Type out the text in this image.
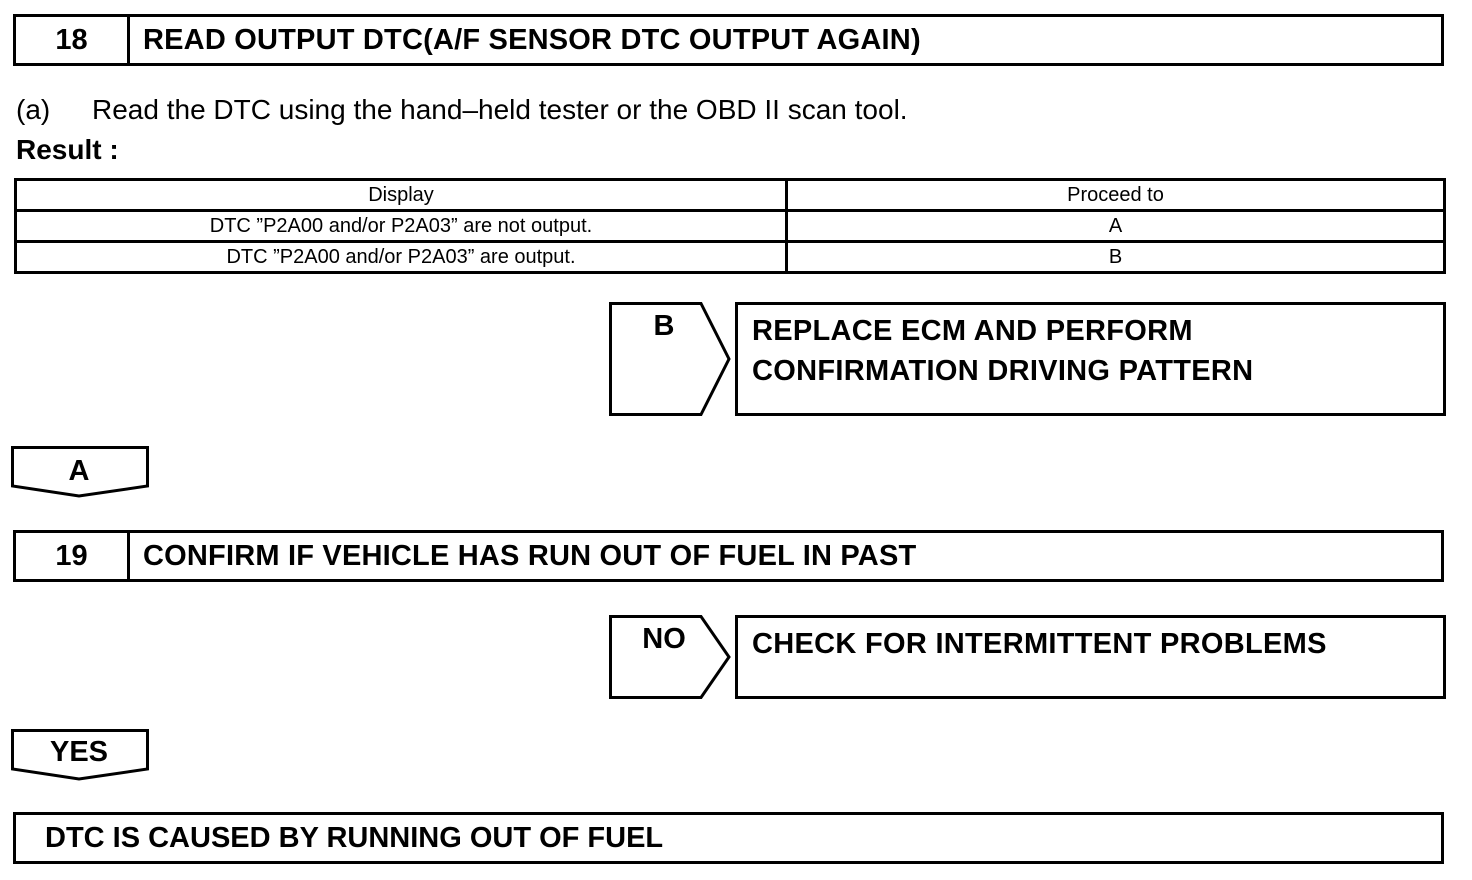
18	READ OUTPUT DTC(A/F SENSOR DTC OUTPUT AGAIN)
(a) Read the DTC using the hand–held tester or the OBD II scan tool.
Result :
Display	Proceed to
DTC ”P2A00 and/or P2A03” are not output.	A
DTC ”P2A00 and/or P2A03” are output.	B
B	REPLACE ECM AND PERFORM
CONFIRMATION DRIVING PATTERN
A
19	CONFIRM IF VEHICLE HAS RUN OUT OF FUEL IN PAST
NO	CHECK FOR INTERMITTENT PROBLEMS
YES
DTC IS CAUSED BY RUNNING OUT OF FUEL
